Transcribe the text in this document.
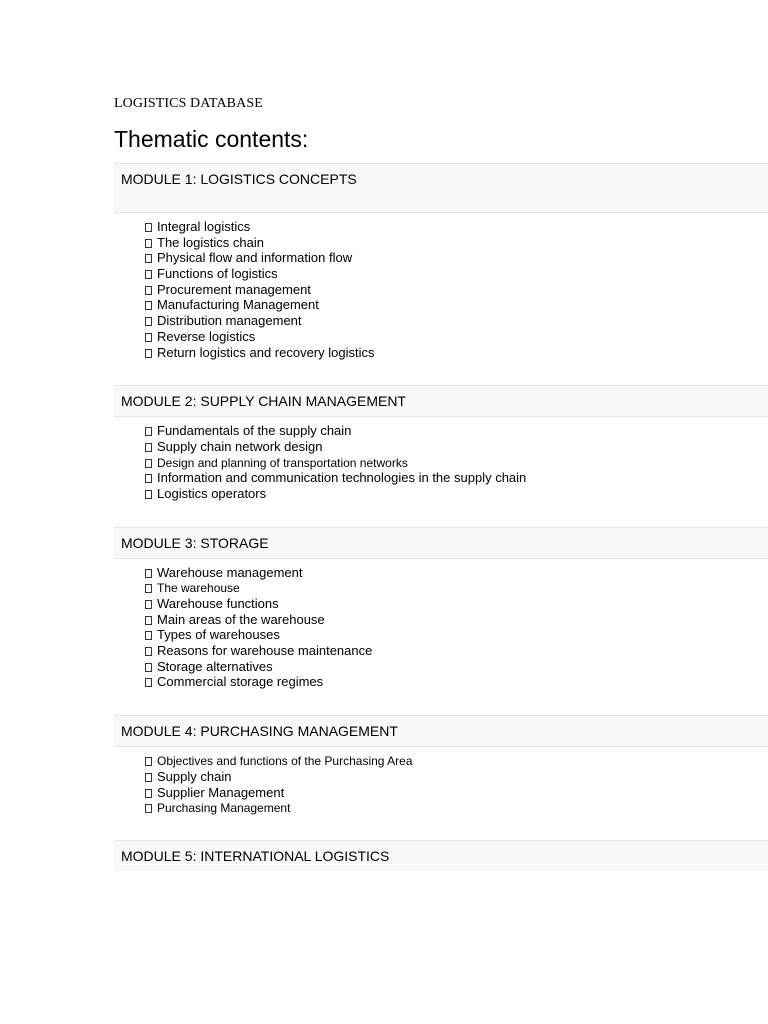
LOGISTICS DATABASE

Thematic contents:
MODULE 1: LOGISTICS CONCEPTS
Integral logistics
The logistics chain
Physical flow and information flow
Functions of logistics
Procurement management
Manufacturing Management
Distribution management
Reverse logistics
Return logistics and recovery logistics
MODULE 2: SUPPLY CHAIN MANAGEMENT
Fundamentals of the supply chain
Supply chain network design
Design and planning of transportation networks
Information and communication technologies in the supply chain
Logistics operators
MODULE 3: STORAGE
Warehouse management
The warehouse
Warehouse functions
Main areas of the warehouse
Types of warehouses
Reasons for warehouse maintenance
Storage alternatives
Commercial storage regimes
MODULE 4: PURCHASING MANAGEMENT
Objectives and functions of the Purchasing Area
Supply chain
Supplier Management
Purchasing Management
MODULE 5: INTERNATIONAL LOGISTICS
